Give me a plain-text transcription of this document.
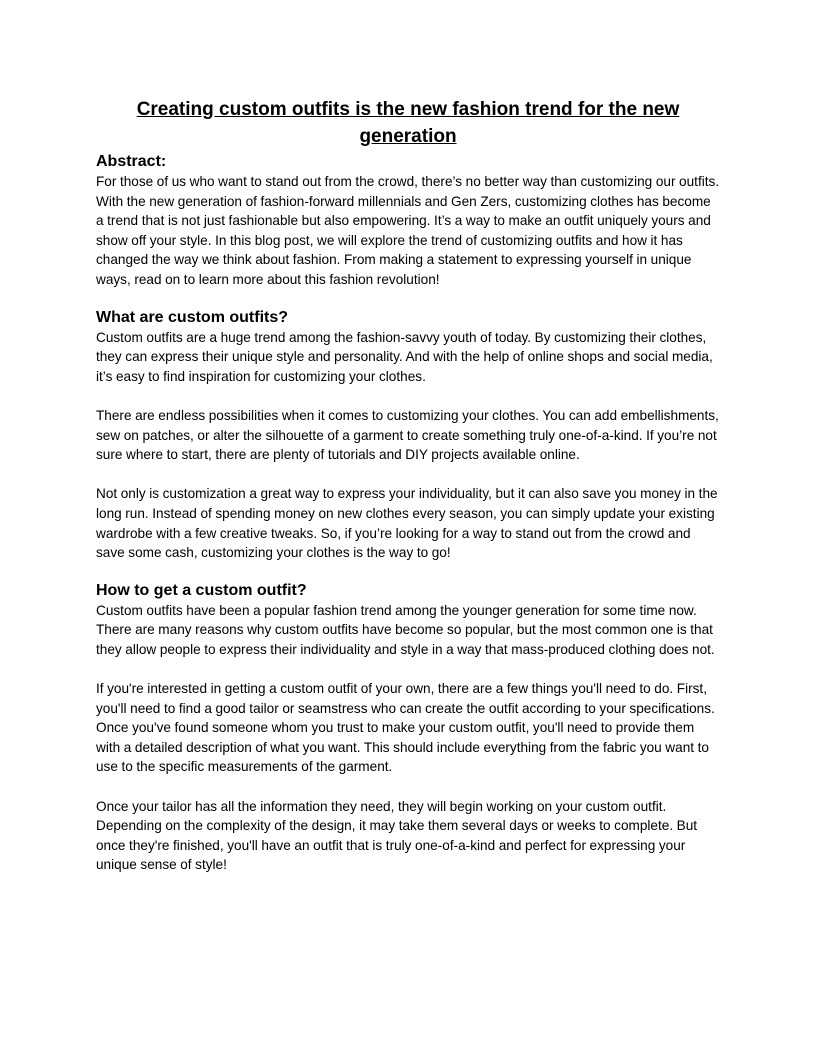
Creating custom outfits is the new fashion trend for the new generation
Abstract:

For those of us who want to stand out from the crowd, there’s no better way than customizing our outfits. With the new generation of fashion-forward millennials and Gen Zers, customizing clothes has become a trend that is not just fashionable but also empowering. It’s a way to make an outfit uniquely yours and show off your style. In this blog post, we will explore the trend of customizing outfits and how it has changed the way we think about fashion. From making a statement to expressing yourself in unique ways, read on to learn more about this fashion revolution!

What are custom outfits?

Custom outfits are a huge trend among the fashion-savvy youth of today. By customizing their clothes, they can express their unique style and personality. And with the help of online shops and social media, it’s easy to find inspiration for customizing your clothes.

There are endless possibilities when it comes to customizing your clothes. You can add embellishments, sew on patches, or alter the silhouette of a garment to create something truly one-of-a-kind. If you’re not sure where to start, there are plenty of tutorials and DIY projects available online.

Not only is customization a great way to express your individuality, but it can also save you money in the long run. Instead of spending money on new clothes every season, you can simply update your existing wardrobe with a few creative tweaks. So, if you’re looking for a way to stand out from the crowd and save some cash, customizing your clothes is the way to go!

How to get a custom outfit?

Custom outfits have been a popular fashion trend among the younger generation for some time now. There are many reasons why custom outfits have become so popular, but the most common one is that they allow people to express their individuality and style in a way that mass-produced clothing does not.

If you're interested in getting a custom outfit of your own, there are a few things you'll need to do. First, you'll need to find a good tailor or seamstress who can create the outfit according to your specifications. Once you've found someone whom you trust to make your custom outfit, you'll need to provide them with a detailed description of what you want. This should include everything from the fabric you want to use to the specific measurements of the garment.

Once your tailor has all the information they need, they will begin working on your custom outfit. Depending on the complexity of the design, it may take them several days or weeks to complete. But once they're finished, you'll have an outfit that is truly one-of-a-kind and perfect for expressing your unique sense of style!
